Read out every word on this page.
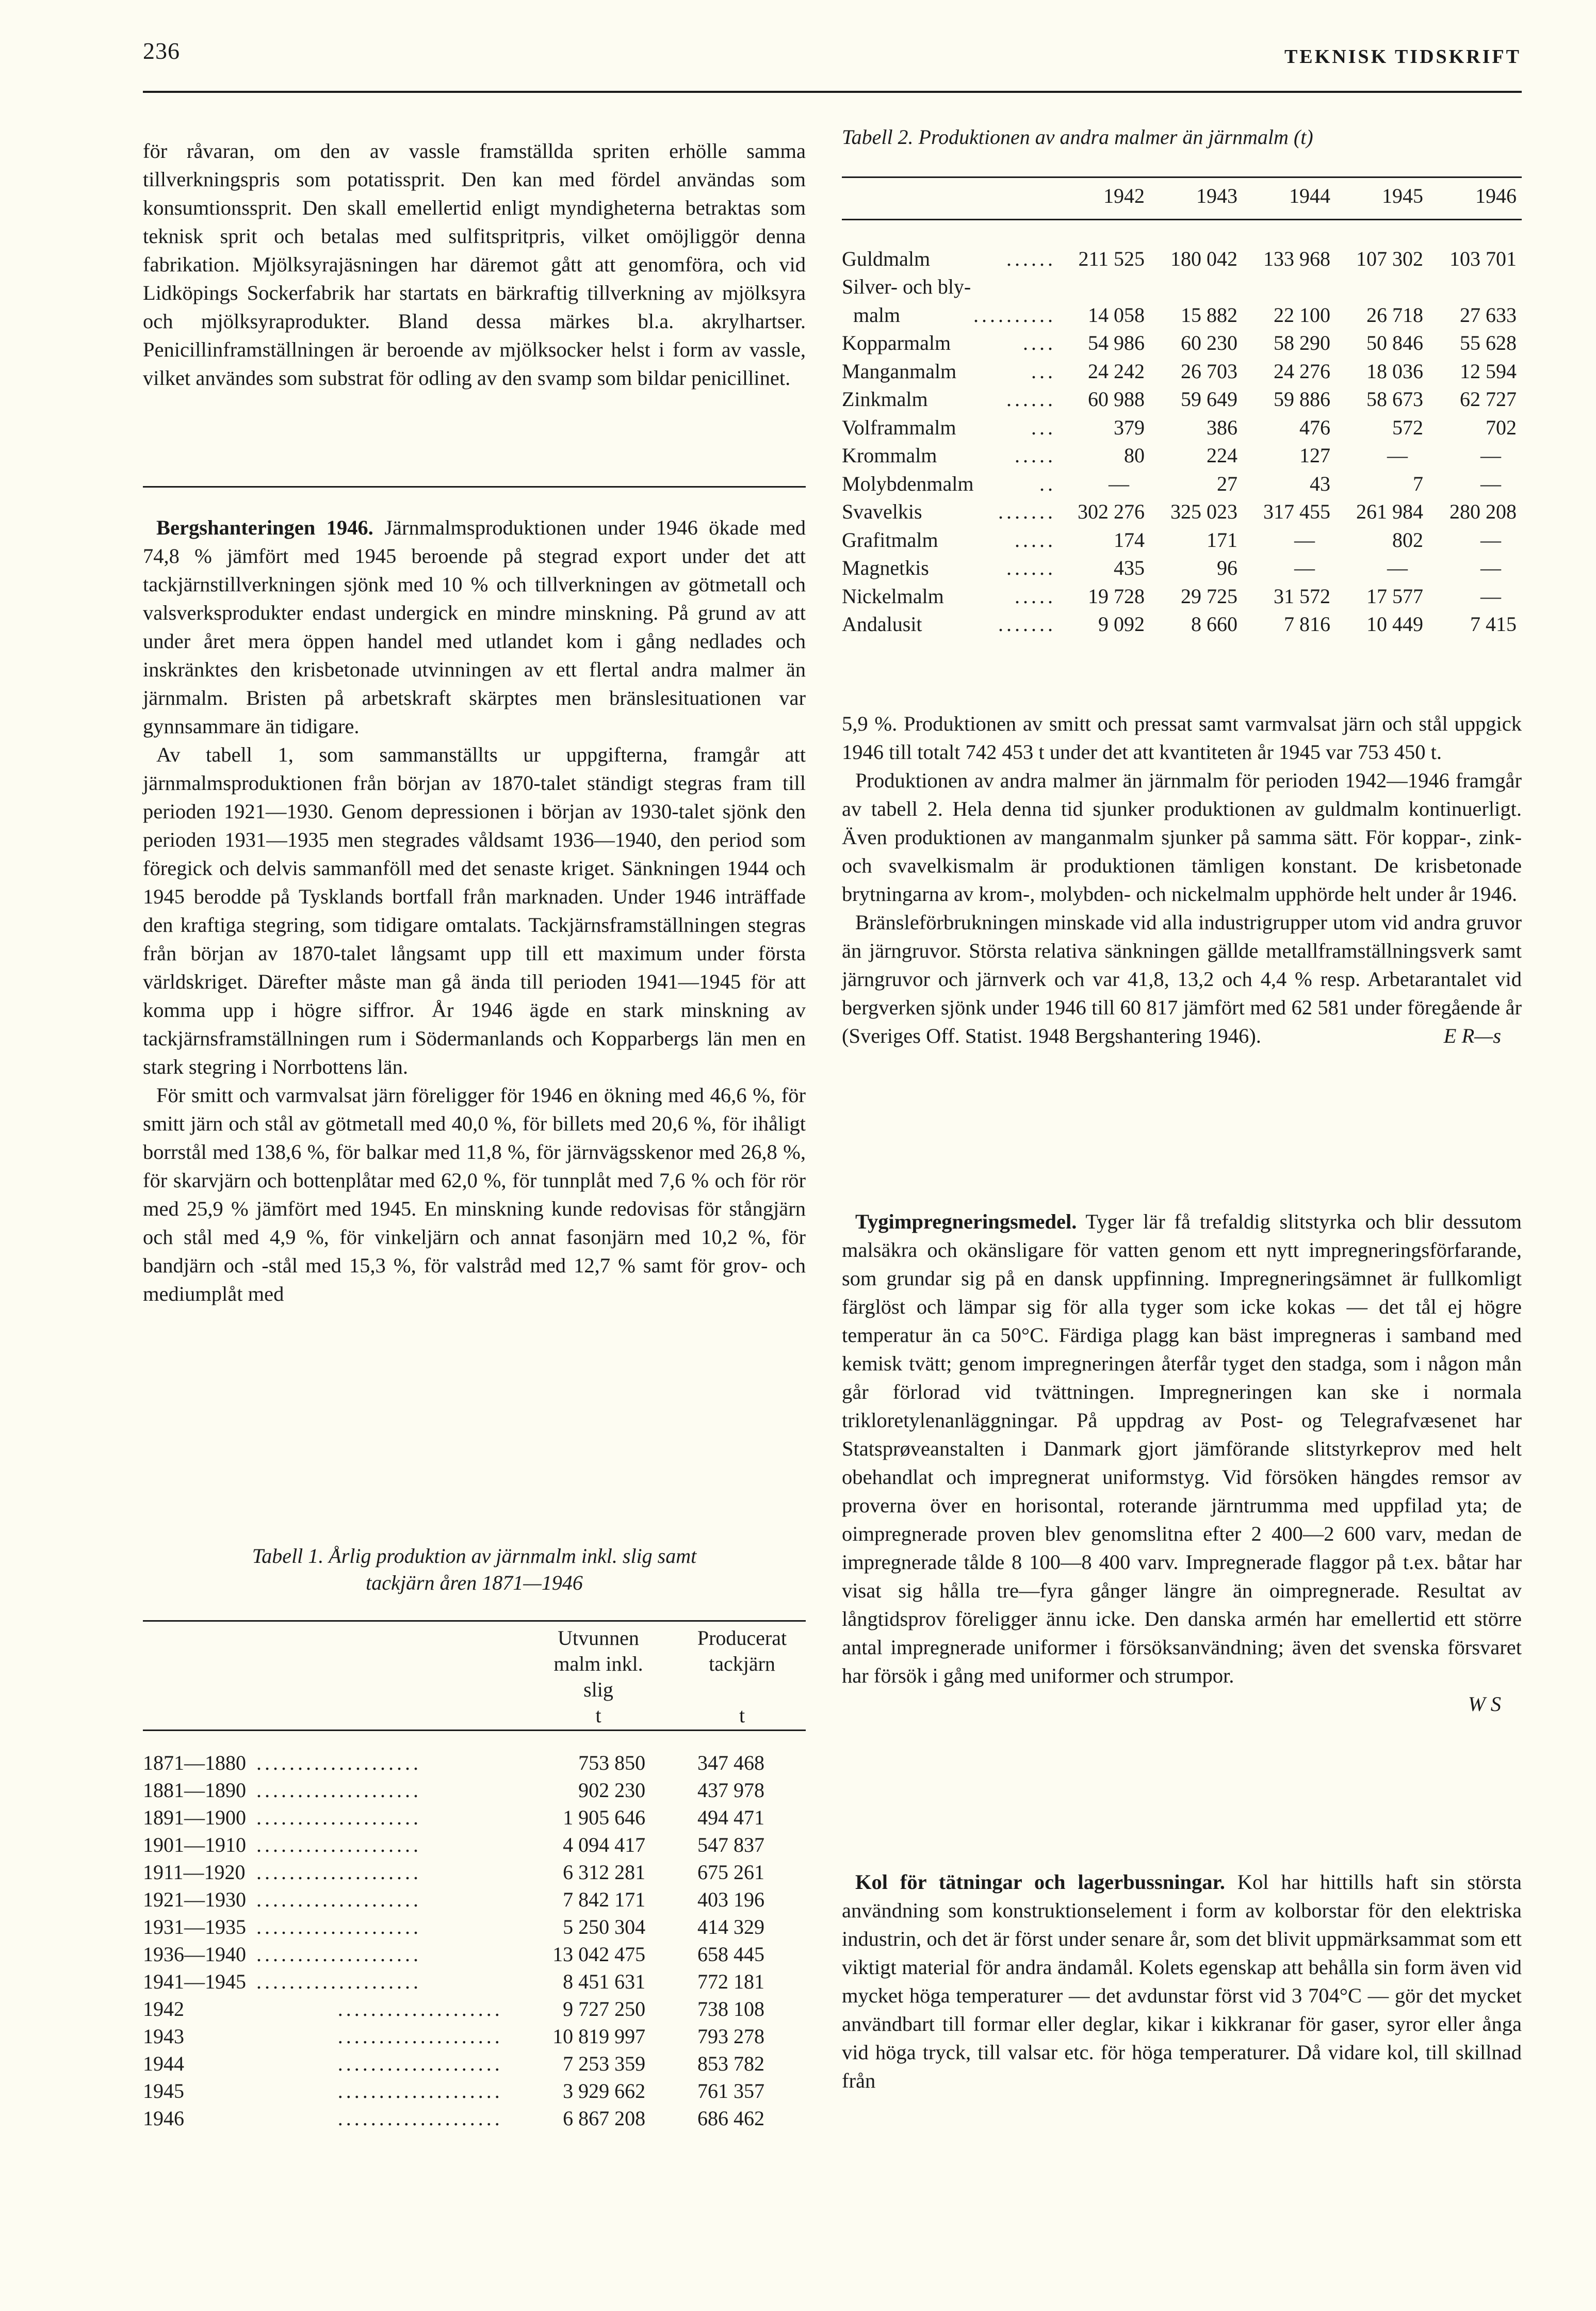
236	TEKNISK TIDSKRIFT

för råvaran, om den av vassle framställda spriten erhölle samma tillverkningspris som potatissprit. Den kan med fördel användas som konsumtionssprit. Den skall emellertid enligt myndigheterna betraktas som teknisk sprit och betalas med sulfitspritpris, vilket omöjliggör denna fabrikation. Mjölksyrajäsningen har däremot gått att genomföra, och vid Lidköpings Sockerfabrik har startats en bärkraftig tillverkning av mjölksyra och mjölksyraprodukter. Bland dessa märkes bl.a. akrylhartser. Penicillinframställningen är beroende av mjölksocker helst i form av vassle, vilket användes som substrat för odling av den svamp som bildar penicillinet.

Bergshanteringen 1946. Järnmalmsproduktionen under 1946 ökade med 74,8 % jämfört med 1945 beroende på stegrad export under det att tackjärnstillverkningen sjönk med 10 % och tillverkningen av götmetall och valsverksprodukter endast undergick en mindre minskning. På grund av att under året mera öppen handel med utlandet kom i gång nedlades och inskränktes den krisbetonade utvinningen av ett flertal andra malmer än järnmalm. Bristen på arbetskraft skärptes men bränslesituationen var gynnsammare än tidigare.

Av tabell 1, som sammanställts ur uppgifterna, framgår att järnmalmsproduktionen från början av 1870-talet ständigt stegras fram till perioden 1921—1930. Genom depressionen i början av 1930-talet sjönk den perioden 1931—1935 men stegrades våldsamt 1936—1940, den period som föregick och delvis sammanföll med det senaste kriget. Sänkningen 1944 och 1945 berodde på Tysklands bortfall från marknaden. Under 1946 inträffade den kraftiga stegring, som tidigare omtalats. Tackjärnsframställningen stegras från början av 1870-talet långsamt upp till ett maximum under första världskriget. Därefter måste man gå ända till perioden 1941—1945 för att komma upp i högre siffror. År 1946 ägde en stark minskning av tackjärnsframställningen rum i Södermanlands och Kopparbergs län men en stark stegring i Norrbottens län.

För smitt och varmvalsat järn föreligger för 1946 en ökning med 46,6 %, för smitt järn och stål av götmetall med 40,0 %, för billets med 20,6 %, för ihåligt borrstål med 138,6 %, för balkar med 11,8 %, för järnvägsskenor med 26,8 %, för skarvjärn och bottenplåtar med 62,0 %, för tunnplåt med 7,6 % och för rör med 25,9 % jämfört med 1945. En minskning kunde redovisas för stångjärn och stål med 4,9 %, för vinkeljärn och annat fasonjärn med 10,2 %, för bandjärn och -stål med 15,3 %, för valstråd med 12,7 % samt för grov- och mediumplåt med

Tabell 1. Årlig produktion av järnmalm inkl. slig samt
tackjärn åren 1871—1946
Utvunnen
malm inkl.
slig
t
Producerat
tackjärn

t
1871—1880	....................	753 850	347 468
1881—1890	....................	902 230	437 978
1891—1900	....................	1 905 646	494 471
1901—1910	....................	4 094 417	547 837
1911—1920	....................	6 312 281	675 261
1921—1930	....................	7 842 171	403 196
1931—1935	....................	5 250 304	414 329
1936—1940	....................	13 042 475	658 445
1941—1945	....................	8 451 631	772 181
1942	....................	9 727 250	738 108
1943	....................	10 819 997	793 278
1944	....................	7 253 359	853 782
1945	....................	3 929 662	761 357
1946	....................	6 867 208	686 462
Tabell 2. Produktionen av andra malmer än järnmalm (t)
	1942	1943	1944	1945	1946
Guldmalm ......	211 525	180 042	133 968	107 302	103 701
Silver- och bly-

malm ..........	14 058	15 882	22 100	26 718	27 633
Kopparmalm ....	54 986	60 230	58 290	50 846	55 628
Manganmalm ...	24 242	26 703	24 276	18 036	12 594
Zinkmalm ......	60 988	59 649	59 886	58 673	62 727
Volframmalm ...	379	386	476	572	702
Krommalm .....	80	224	127	—	—
Molybdenmalm ..	—	27	43	7	—
Svavelkis .......	302 276	325 023	317 455	261 984	280 208
Grafitmalm .....	174	171	—	802	—
Magnetkis ......	435	96	—	—	—
Nickelmalm .....	19 728	29 725	31 572	17 577	—
Andalusit .......	9 092	8 660	7 816	10 449	7 415

5,9 %. Produktionen av smitt och pressat samt varmvalsat järn och stål uppgick 1946 till totalt 742 453 t under det att kvantiteten år 1945 var 753 450 t.

Produktionen av andra malmer än järnmalm för perioden 1942—1946 framgår av tabell 2. Hela denna tid sjunker produktionen av guldmalm kontinuerligt. Även produktionen av manganmalm sjunker på samma sätt. För koppar-, zink- och svavelkismalm är produktionen tämligen konstant. De krisbetonade brytningarna av krom-, molybden- och nickelmalm upphörde helt under år 1946.

Bränsleförbrukningen minskade vid alla industrigrupper utom vid andra gruvor än järngruvor. Största relativa sänkningen gällde metallframställningsverk samt järngruvor och järnverk och var 41,8, 13,2 och 4,4 % resp. Arbetarantalet vid bergverken sjönk under 1946 till 60 817 jämfört med 62 581 under föregående år (Sveriges Off. Statist. 1948 Bergshantering 1946).	E R—s

Tygimpregneringsmedel. Tyger lär få trefaldig slitstyrka och blir dessutom malsäkra och okänsligare för vatten genom ett nytt impregneringsförfarande, som grundar sig på en dansk uppfinning. Impregneringsämnet är fullkomligt färglöst och lämpar sig för alla tyger som icke kokas — det tål ej högre temperatur än ca 50°C. Färdiga plagg kan bäst impregneras i samband med kemisk tvätt; genom impregneringen återfår tyget den stadga, som i någon mån går förlorad vid tvättningen. Impregneringen kan ske i normala trikloretylenanläggningar. På uppdrag av Post- og Telegrafvæsenet har Statsprøveanstalten i Danmark gjort jämförande slitstyrkeprov med helt obehandlat och impregnerat uniformstyg. Vid försöken hängdes remsor av proverna över en horisontal, roterande järntrumma med uppfilad yta; de oimpregnerade proven blev genomslitna efter 2 400—2 600 varv, medan de impregnerade tålde 8 100—8 400 varv. Impregnerade flaggor på t.ex. båtar har visat sig hålla tre—fyra gånger längre än oimpregnerade. Resultat av långtidsprov föreligger ännu icke. Den danska armén har emellertid ett större antal impregnerade uniformer i försöksanvändning; även det svenska försvaret har försök i gång med uniformer och strumpor.

W S

Kol för tätningar och lagerbussningar. Kol har hittills haft sin största användning som konstruktionselement i form av kolborstar för den elektriska industrin, och det är först under senare år, som det blivit uppmärksammat som ett viktigt material för andra ändamål. Kolets egenskap att behålla sin form även vid mycket höga temperaturer — det avdunstar först vid 3 704°C — gör det mycket användbart till formar eller deglar, kikar i kikkranar för gaser, syror eller ånga vid höga tryck, till valsar etc. för höga temperaturer. Då vidare kol, till skillnad från
